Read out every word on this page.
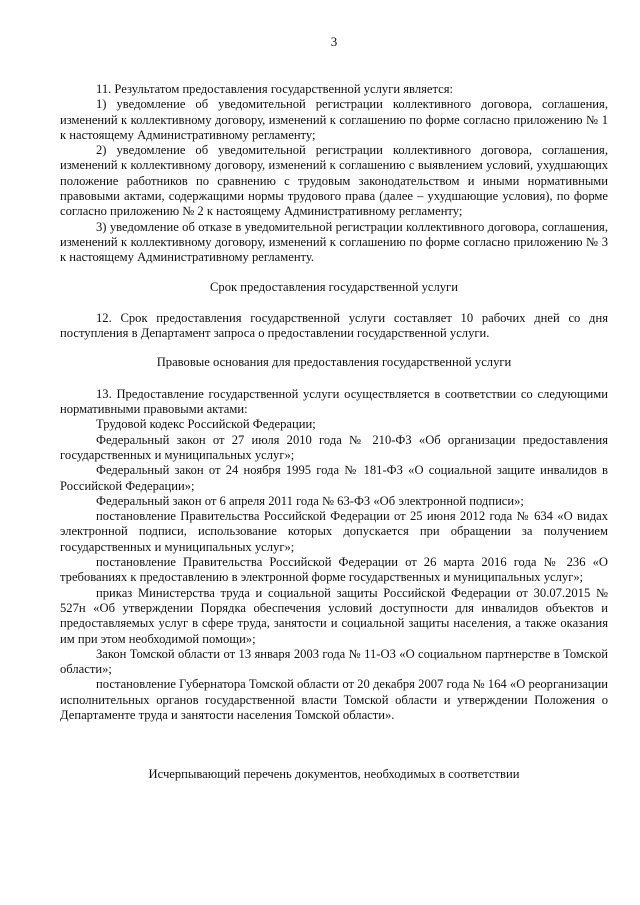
3

11. Результатом предоставления государственной услуги является:

1) уведомление об уведомительной регистрации коллективного договора, соглашения, изменений к коллективному договору, изменений к соглашению по форме согласно приложению № 1 к настоящему Административному регламенту;

2) уведомление об уведомительной регистрации коллективного договора, соглашения, изменений к коллективному договору, изменений к соглашению с выявлением условий, ухудшающих положение работников по сравнению с трудовым законодательством и иными нормативными правовыми актами, содержащими нормы трудового права (далее – ухудшающие условия), по форме согласно приложению № 2 к настоящему Административному регламенту;

3) уведомление об отказе в уведомительной регистрации коллективного договора, соглашения, изменений к коллективному договору, изменений к соглашению по форме согласно приложению № 3 к настоящему Административному регламенту.

Срок предоставления государственной услуги

12. Срок предоставления государственной услуги составляет 10 рабочих дней со дня поступления в Департамент запроса о предоставлении государственной услуги.

Правовые основания для предоставления государственной услуги

13. Предоставление государственной услуги осуществляется в соответствии со следующими нормативными правовыми актами:

Трудовой кодекс Российской Федерации;

Федеральный закон от 27 июля 2010 года № 210-ФЗ «Об организации предоставления государственных и муниципальных услуг»;

Федеральный закон от 24 ноября 1995 года № 181-ФЗ «О социальной защите инвалидов в Российской Федерации»;

Федеральный закон от 6 апреля 2011 года № 63-ФЗ «Об электронной подписи»;

постановление Правительства Российской Федерации от 25 июня 2012 года № 634 «О видах электронной подписи, использование которых допускается при обращении за получением государственных и муниципальных услуг»;

постановление Правительства Российской Федерации от 26 марта 2016 года № 236 «О требованиях к предоставлению в электронной форме государственных и муниципальных услуг»;

приказ Министерства труда и социальной защиты Российской Федерации от 30.07.2015 № 527н «Об утверждении Порядка обеспечения условий доступности для инвалидов объектов и предоставляемых услуг в сфере труда, занятости и социальной защиты населения, а также оказания им при этом необходимой помощи»;

Закон Томской области от 13 января 2003 года № 11-ОЗ «О социальном партнерстве в Томской области»;

постановление Губернатора Томской области от 20 декабря 2007 года № 164 «О реорганизации исполнительных органов государственной власти Томской области и утверждении Положения о Департаменте труда и занятости населения Томской области».

Исчерпывающий перечень документов, необходимых в соответствии
